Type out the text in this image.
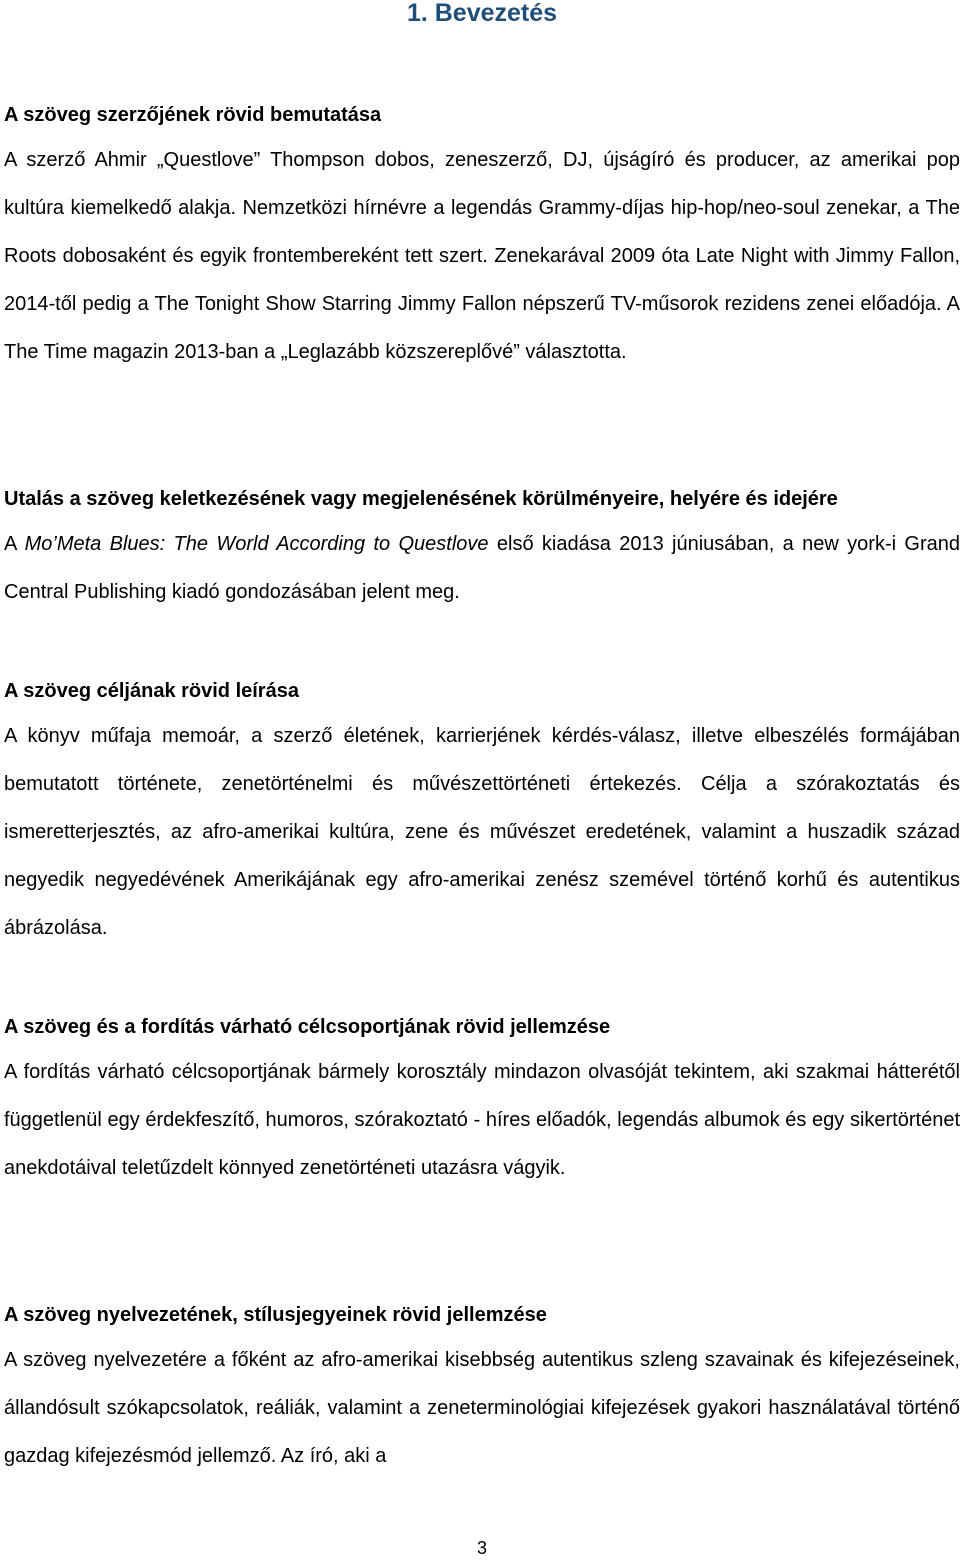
1. Bevezetés

A szöveg szerzőjének rövid bemutatása

A szerző Ahmir „Questlove” Thompson dobos, zeneszerző, DJ, újságíró és producer, az amerikai pop kultúra kiemelkedő alakja. Nemzetközi hírnévre a legendás Grammy-díjas hip-hop/neo-soul zenekar, a The Roots dobosaként és egyik frontembereként tett szert. Zenekarával 2009 óta Late Night with Jimmy Fallon, 2014-től pedig a The Tonight Show Starring Jimmy Fallon népszerű TV-műsorok rezidens zenei előadója. A The Time magazin 2013-ban a „Leglazább közszereplővé” választotta.

Utalás a szöveg keletkezésének vagy megjelenésének körülményeire, helyére és idejére

A Mo’Meta Blues: The World According to Questlove első kiadása 2013 júniusában, a new york-i Grand Central Publishing kiadó gondozásában jelent meg.

A szöveg céljának rövid leírása

A könyv műfaja memoár, a szerző életének, karrierjének kérdés-válasz, illetve elbeszélés formájában bemutatott története, zenetörténelmi és művészettörténeti értekezés. Célja a szórakoztatás és ismeretterjesztés, az afro-amerikai kultúra, zene és művészet eredetének, valamint a huszadik század negyedik negyedévének Amerikájának egy afro-amerikai zenész szemével történő korhű és autentikus ábrázolása.

A szöveg és a fordítás várható célcsoportjának rövid jellemzése

A fordítás várható célcsoportjának bármely korosztály mindazon olvasóját tekintem, aki szakmai hátterétől függetlenül egy érdekfeszítő, humoros, szórakoztató - híres előadók, legendás albumok és egy sikertörténet anekdotáival teletűzdelt könnyed zenetörténeti utazásra vágyik.

A szöveg nyelvezetének, stílusjegyeinek rövid jellemzése

A szöveg nyelvezetére a főként az afro-amerikai kisebbség autentikus szleng szavainak és kifejezéseinek, állandósult szókapcsolatok, reáliák, valamint a zeneterminológiai kifejezések gyakori használatával történő gazdag kifejezésmód jellemző. Az író, aki a

3
